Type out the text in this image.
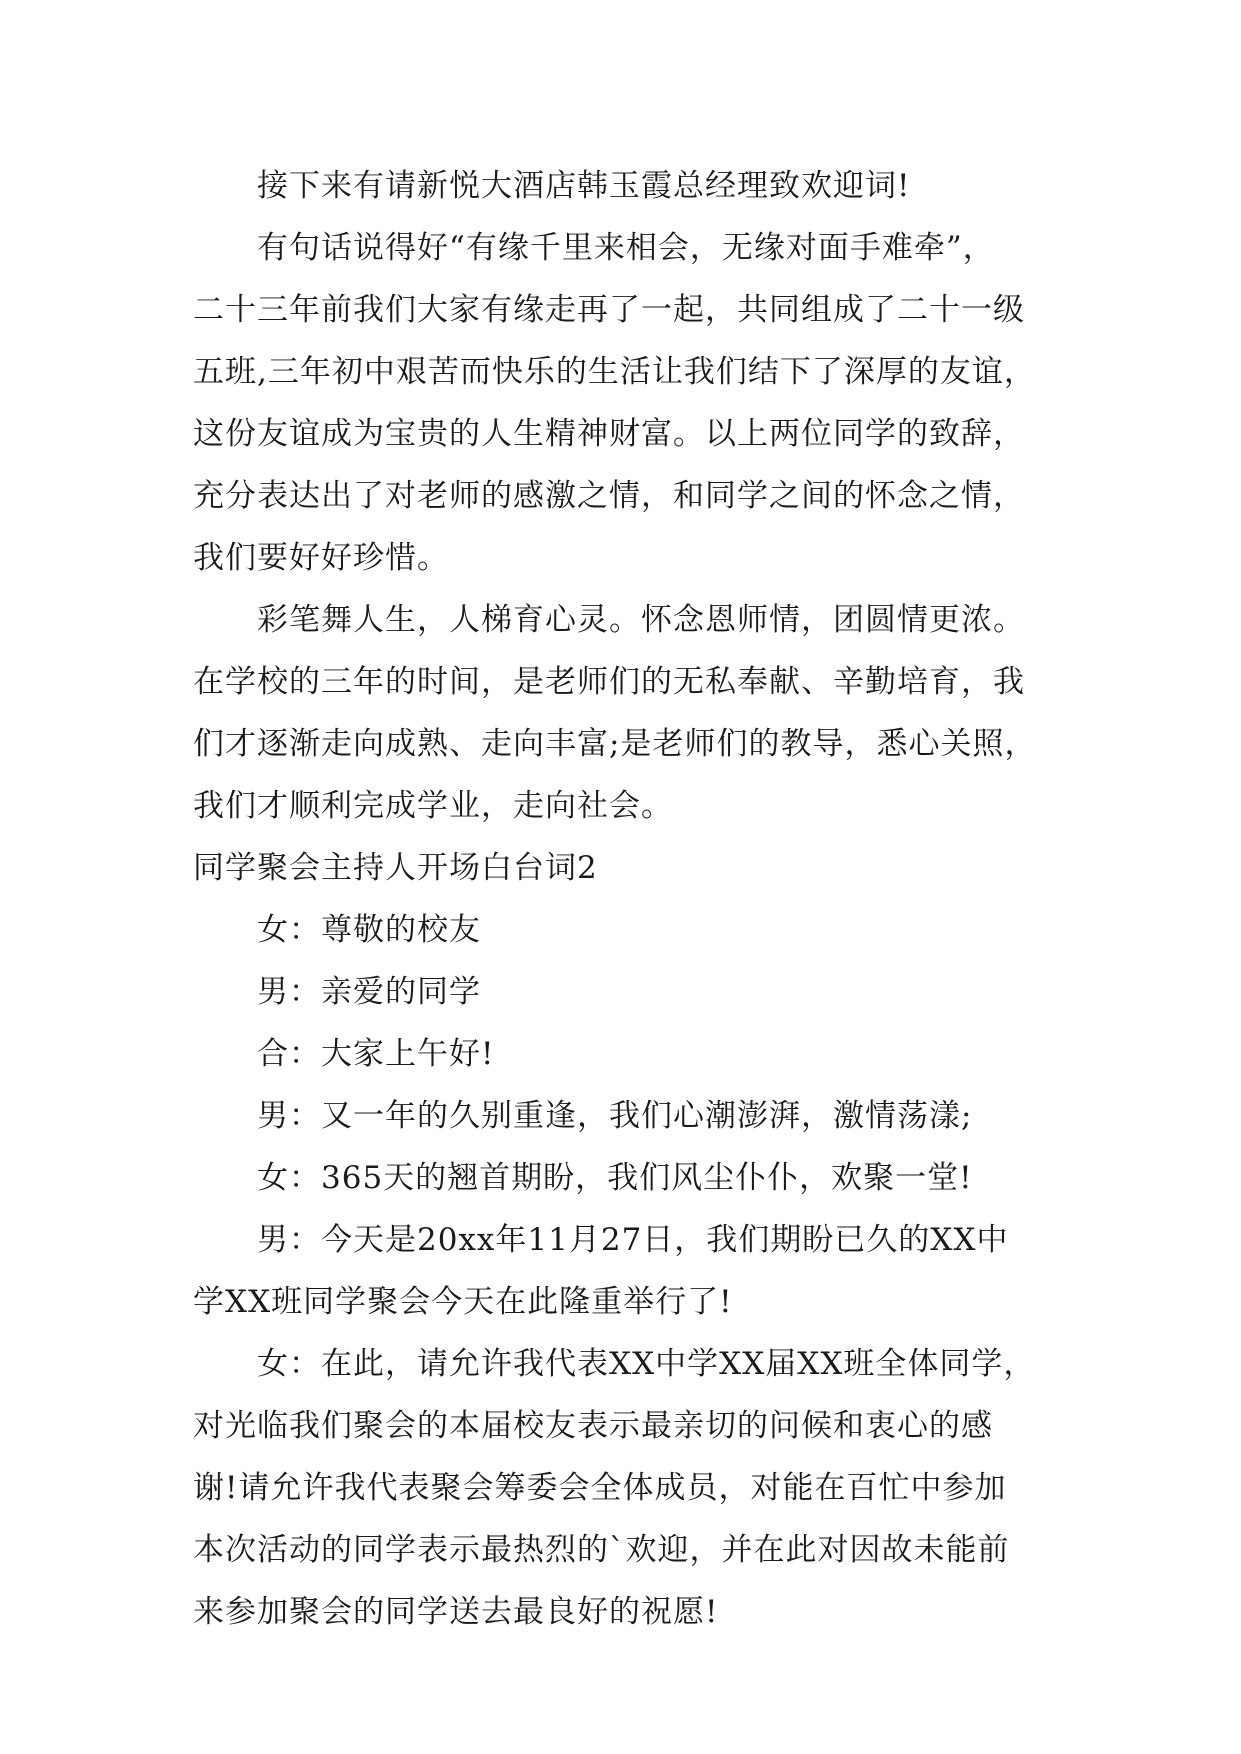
接下来有请新悦大酒店韩玉霞总经理致欢迎词!

有句话说得好“有缘千里来相会，无缘对面手难牵”，

二十三年前我们大家有缘走再了一起，共同组成了二十一级

五班,三年初中艰苦而快乐的生活让我们结下了深厚的友谊，

这份友谊成为宝贵的人生精神财富。以上两位同学的致辞，

充分表达出了对老师的感激之情，和同学之间的怀念之情，

我们要好好珍惜。

彩笔舞人生，人梯育心灵。怀念恩师情，团圆情更浓。

在学校的三年的时间，是老师们的无私奉献、辛勤培育，我

们才逐渐走向成熟、走向丰富;是老师们的教导，悉心关照，

我们才顺利完成学业，走向社会。

同学聚会主持人开场白台词2

女：尊敬的校友

男：亲爱的同学

合：大家上午好!

男：又一年的久别重逢，我们心潮澎湃，激情荡漾;

女：365天的翘首期盼，我们风尘仆仆，欢聚一堂!

男：今天是20xx年11月27日，我们期盼已久的XX中

学XX班同学聚会今天在此隆重举行了!

女：在此，请允许我代表XX中学XX届XX班全体同学，

对光临我们聚会的本届校友表示最亲切的问候和衷心的感

谢!请允许我代表聚会筹委会全体成员，对能在百忙中参加

本次活动的同学表示最热烈的`欢迎，并在此对因故未能前

来参加聚会的同学送去最良好的祝愿!
